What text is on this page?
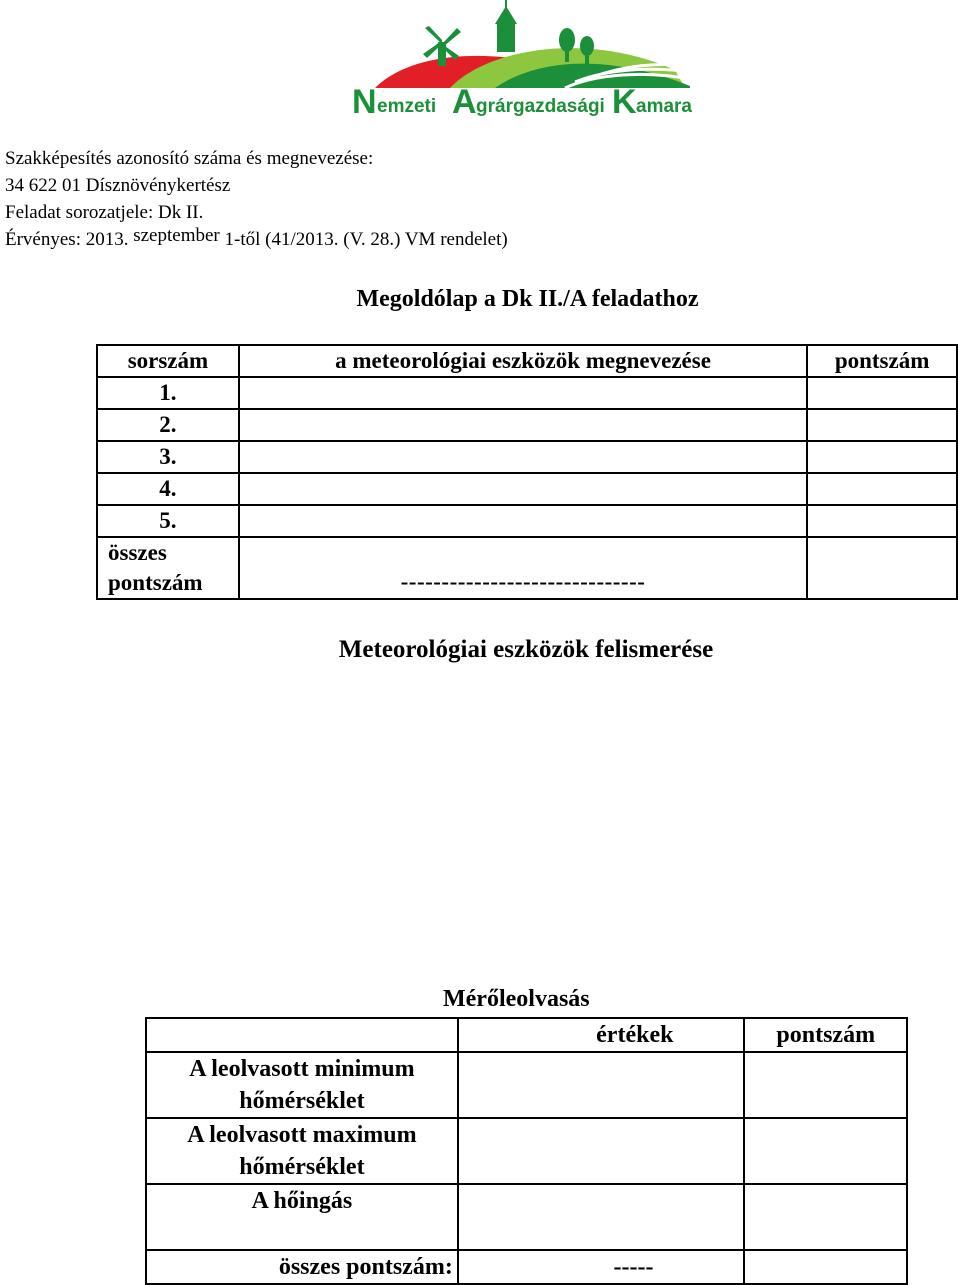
N emzeti A grárgazdasági K amara
Szakképesítés azonosító száma és megnevezése:
34 622 01 Dísznövénykertész
Feladat sorozatjele: Dk II.
Érvényes: 2013. szeptember 1-től (41/2013. (V. 28.) VM rendelet)
Megoldólap a Dk II./A feladathoz
sorszám	a meteorológiai eszközök megnevezése	pontszám
1.		
2.		
3.		
4.		
5.		

összes
pontszám	------------------------------	

Meteorológiai eszközök felismerése
Mérőleolvasás
	értékek	pontszám

A leolvasott minimum
hőmérséklet		

A leolvasott maximum
hőmérséklet		

A hőingás		

összes pontszám:	-----	
